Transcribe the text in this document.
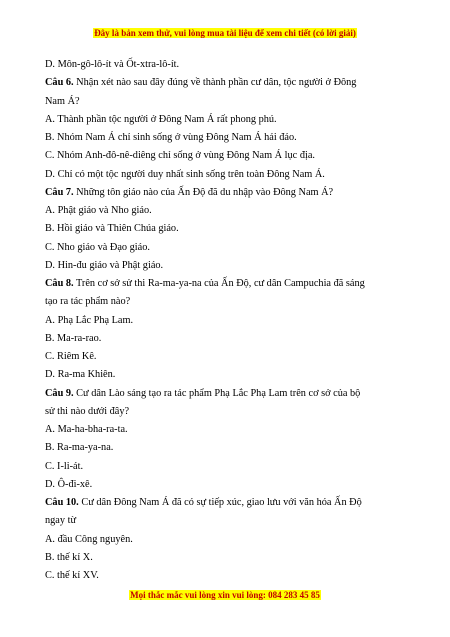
Đây là bản xem thử, vui lòng mua tài liệu để xem chi tiết (có lời giải)
D. Môn-gô-lô-ít và Ốt-xtra-lô-ít.
Câu 6. Nhận xét nào sau đây đúng về thành phần cư dân, tộc người ở Đông
Nam Á?
A. Thành phần tộc người ở Đông Nam Á rất phong phú.
B. Nhóm Nam Á chỉ sinh sống ở vùng Đông Nam Á hải đảo.
C. Nhóm Anh-đô-nê-diêng chỉ sống ở vùng Đông Nam Á lục địa.
D. Chỉ có một tộc người duy nhất sinh sống trên toàn Đông Nam Á.
Câu 7. Những tôn giáo nào của Ấn Độ đã du nhập vào Đông Nam Á?
A. Phật giáo và Nho giáo.
B. Hồi giáo và Thiên Chúa giáo.
C. Nho giáo và Đạo giáo.
D. Hin-đu giáo và Phật giáo.
Câu 8. Trên cơ sở sử thi Ra-ma-ya-na của Ấn Độ, cư dân Campuchia đã sáng
tạo ra tác phẩm nào?
A. Phạ Lắc Phạ Lam.
B. Ma-ra-rao.
C. Riêm Kê.
D. Ra-ma Khiên.
Câu 9. Cư dân Lào sáng tạo ra tác phẩm Phạ Lắc Phạ Lam trên cơ sở của bộ
sử thi nào dưới đây?
A. Ma-ha-bha-ra-ta.
B. Ra-ma-ya-na.
C. I-li-át.
D. Ô-đi-xê.
Câu 10. Cư dân Đông Nam Á đã có sự tiếp xúc, giao lưu với văn hóa Ấn Độ
ngay từ
A. đầu Công nguyên.
B. thế kỉ X.
C. thế kỉ XV.
Mọi thắc mắc vui lòng xin vui lòng: 084 283 45 85
